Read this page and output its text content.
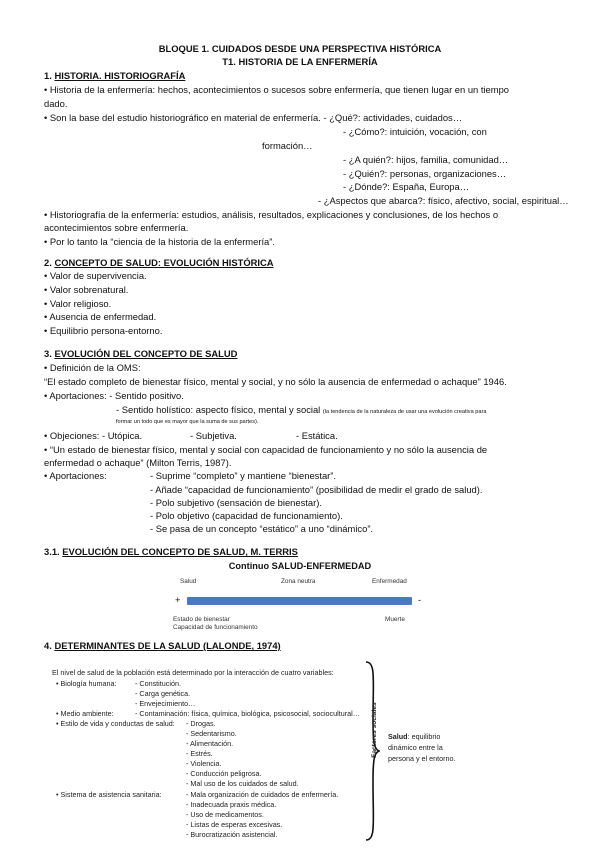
BLOQUE 1. CUIDADOS DESDE UNA PERSPECTIVA HISTÓRICA
T1. HISTORIA DE LA ENFERMERÍA
1. HISTORIA. HISTORIOGRAFÍA
• Historia de la enfermería: hechos, acontecimientos o sucesos sobre enfermería, que tienen lugar en un tiempo
dado.
• Son la base del estudio historiográfico en material de enfermería. - ¿Qué?: actividades, cuidados…
- ¿Cómo?: intuición, vocación, con
formación…
- ¿A quién?: hijos, familia, comunidad…
- ¿Quién?: personas, organizaciones…
- ¿Dónde?: España, Europa…
- ¿Aspectos que abarca?: físico, afectivo, social, espiritual…
• Historiografía de la enfermería: estudios, análisis, resultados, explicaciones y conclusiones, de los hechos o
acontecimientos sobre enfermería.
• Por lo tanto la “ciencia de la historia de la enfermería”.
2. CONCEPTO DE SALUD: EVOLUCIÓN HISTÓRICA
• Valor de supervivencia.
• Valor sobrenatural.
• Valor religioso.
• Ausencia de enfermedad.
• Equilibrio persona-entorno.
3. EVOLUCIÓN DEL CONCEPTO DE SALUD
• Definición de la OMS:
“El estado completo de bienestar físico, mental y social, y no sólo la ausencia de enfermedad o achaque” 1946.
• Aportaciones: - Sentido positivo.
- Sentido holístico: aspecto físico, mental y social (la tendencia de la naturaleza de usar una evolución creativa para
formar un todo que es mayor que la suma de sus partes).
• Objeciones: - Utópica.	- Subjetiva.	- Estática.
• “Un estado de bienestar físico, mental y social con capacidad de funcionamiento y no sólo la ausencia de
enfermedad o achaque” (Milton Terris, 1987).
• Aportaciones:	- Suprime “completo” y mantiene “bienestar”.
- Añade “capacidad de funcionamiento” (posibilidad de medir el grado de salud).
- Polo subjetivo (sensación de bienestar).
- Polo objetivo (capacidad de funcionamiento).
- Se pasa de un concepto “estático” a uno “dinámico”.
3.1. EVOLUCIÓN DEL CONCEPTO DE SALUD, M. TERRIS
Continuo SALUD-ENFERMEDAD
Salud	Zona neutra	Enfermedad
+	-
Estado de bienestar
Capacidad de funcionamiento
Muerte
4. DETERMINANTES DE LA SALUD (LALONDE, 1974)
El nivel de salud de la población está determinado por la interacción de cuatro variables:
• Biología humana:	- Constitución.
- Carga genética.
- Envejecimiento…
• Medio ambiente:	- Contaminación: física, química, biológica, psicosocial, sociocultural…
• Estilo de vida y conductas de salud: - Drogas.
- Sedentarismo.
- Alimentación.
- Estrés.
- Violencia.
- Conducción peligrosa.
- Mal uso de los cuidados de salud.
• Sistema de asistencia sanitaria:	- Mala organización de cuidados de enfermería.
- Inadecuada praxis médica.
- Uso de medicamentos.
- Listas de esperas excesivas.
- Burocratización asistencial.
Factores sociales Salud: equilibrio
dinámico entre la
persona y el entorno.
